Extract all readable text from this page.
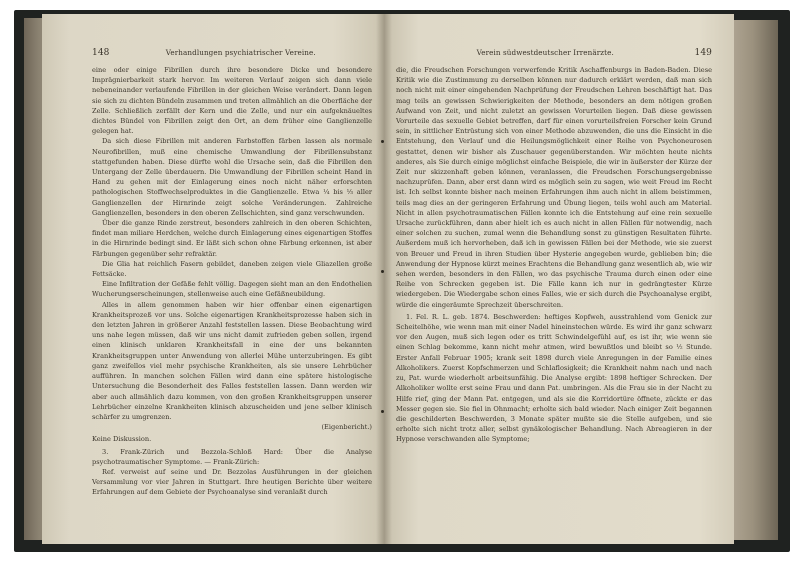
148	Verhandlungen psychiatrischer Vereine.

eine oder einige Fibrillen durch ihre besondere Dicke und besondere Imprägnierbarkeit stark hervor. Im weiteren Verlauf zeigen sich dann viele nebeneinander verlaufende Fibrillen in der gleichen Weise verändert. Dann legen sie sich zu dichten Bündeln zusammen und treten allmählich an die Oberfläche der Zelle. Schließlich zerfällt der Kern und die Zelle, und nur ein aufgeknäueltes dichtes Bündel von Fibrillen zeigt den Ort, an dem früher eine Ganglienzelle gelegen hat.

Da sich diese Fibrillen mit anderen Farbstoffen färben lassen als normale Neurofibrillen, muß eine chemische Umwandlung der Fibrillensubstanz stattgefunden haben. Diese dürfte wohl die Ursache sein, daß die Fibrillen den Untergang der Zelle überdauern. Die Umwandlung der Fibrillen scheint Hand in Hand zu gehen mit der Einlagerung eines noch nicht näher erforschten pathologischen Stoffwechselproduktes in die Ganglienzelle. Etwa ¼ bis ⅓ aller Ganglienzellen der Hirnrinde zeigt solche Veränderungen. Zahlreiche Ganglienzellen, besonders in den oberen Zellschichten, sind ganz verschwunden.

Über die ganze Rinde zerstreut, besonders zahlreich in den oberen Schichten, findet man miliare Herdchen, welche durch Einlagerung eines eigenartigen Stoffes in die Hirnrinde bedingt sind. Er läßt sich schon ohne Färbung erkennen, ist aber Färbungen gegenüber sehr refraktär.

Die Glia hat reichlich Fasern gebildet, daneben zeigen viele Gliazellen große Fettsäcke.

Eine Infiltration der Gefäße fehlt völlig. Dagegen sieht man an den Endothelien Wucherungserscheinungen, stellenweise auch eine Gefäßneubildung.

Alles in allem genommen haben wir hier offenbar einen eigenartigen Krankheitsprozeß vor uns. Solche eigenartigen Krankheitsprozesse haben sich in den letzten Jahren in größerer Anzahl feststellen lassen. Diese Beobachtung wird uns nahe legen müssen, daß wir uns nicht damit zufrieden geben sollen, irgend einen klinisch unklaren Krankheitsfall in eine der uns bekannten Krankheitsgruppen unter Anwendung von allerlei Mühe unterzubringen. Es gibt ganz zweifellos viel mehr psychische Krankheiten, als sie unsere Lehrbücher aufführen. In manchen solchen Fällen wird dann eine spätere histologische Untersuchung die Besonderheit des Falles feststellen lassen. Dann werden wir aber auch allmählich dazu kommen, von den großen Krankheitsgruppen unserer Lehrbücher einzelne Krankheiten klinisch abzuscheiden und jene selber klinisch schärfer zu umgrenzen.

(Eigenbericht.)

Keine Diskussion.

3. Frank-Zürich und Bezzola-Schloß Hard: Über die Analyse psychotraumatischer Symptome. — Frank-Zürich:

Ref. verweist auf seine und Dr. Bezzolas Ausführungen in der gleichen Versammlung vor vier Jahren in Stuttgart. Ihre heutigen Berichte über weitere Erfahrungen auf dem Gebiete der Psychoanalyse sind veranlaßt durch

Verein südwestdeutscher Irrenärzte.	149

die, die Freudschen Forschungen verwerfende Kritik Aschaffenburgs in Baden-Baden. Diese Kritik wie die Zustimmung zu derselben können nur dadurch erklärt werden, daß man sich noch nicht mit einer eingehenden Nachprüfung der Freudschen Lehren beschäftigt hat. Das mag teils an gewissen Schwierigkeiten der Methode, besonders an dem nötigen großen Aufwand von Zeit, und nicht zuletzt an gewissen Vorurteilen liegen. Daß diese gewissen Vorurteile das sexuelle Gebiet betreffen, darf für einen vorurteilsfreien Forscher kein Grund sein, in sittlicher Entrüstung sich von einer Methode abzuwenden, die uns die Einsicht in die Entstehung, den Verlauf und die Heilungsmöglichkeit einer Reihe von Psychoneurosen gestattet, denen wir bisher als Zuschauer gegenüberstanden. Wir möchten heute nichts anderes, als Sie durch einige möglichst einfache Beispiele, die wir in äußerster der Kürze der Zeit nur skizzenhaft geben können, veranlassen, die Freudschen Forschungsergebnisse nachzuprüfen. Dann, aber erst dann wird es möglich sein zu sagen, wie weit Freud im Recht ist. Ich selbst konnte bisher nach meinen Erfahrungen ihm auch nicht in allem beistimmen, teils mag dies an der geringeren Erfahrung und Übung liegen, teils wohl auch am Material. Nicht in allen psychotraumatischen Fällen konnte ich die Entstehung auf eine rein sexuelle Ursache zurückführen, dann aber hielt ich es auch nicht in allen Fällen für notwendig, nach einer solchen zu suchen, zumal wenn die Behandlung sonst zu günstigen Resultaten führte. Außerdem muß ich hervorheben, daß ich in gewissen Fällen bei der Methode, wie sie zuerst von Breuer und Freud in ihren Studien über Hysterie angegeben wurde, geblieben bin; die Anwendung der Hypnose kürzt meines Erachtens die Behandlung ganz wesentlich ab, wie wir sehen werden, besonders in den Fällen, wo das psychische Trauma durch einen oder eine Reihe von Schrecken gegeben ist. Die Fälle kann ich nur in gedrängtester Kürze wiedergeben. Die Wiedergabe schon eines Falles, wie er sich durch die Psychoanalyse ergibt, würde die eingeräumte Sprechzeit überschreiten.

1. Fel. R. L. geb. 1874. Beschwerden: heftiges Kopfweh, ausstrahlend vom Genick zur Scheitelhöhe, wie wenn man mit einer Nadel hineinstechen würde. Es wird ihr ganz schwarz vor den Augen, muß sich legen oder es tritt Schwindelgefühl auf, es ist ihr, wie wenn sie einen Schlag bekomme, kann nicht mehr atmen, wird bewußtlos und bleibt so ½ Stunde. Erster Anfall Februar 1905; krank seit 1898 durch viele Anregungen in der Familie eines Alkoholikers. Zuerst Kopfschmerzen und Schlaflosigkeit; die Krankheit nahm nach und nach zu, Pat. wurde wiederholt arbeitsunfähig. Die Analyse ergibt: 1898 heftiger Schrecken. Der Alkoholiker wollte erst seine Frau und dann Pat. umbringen. Als die Frau sie in der Nacht zu Hilfe rief, ging der Mann Pat. entgegen, und als sie die Korridortüre öffnete, zückte er das Messer gegen sie. Sie fiel in Ohnmacht; erholte sich bald wieder. Nach einiger Zeit begannen die geschilderten Beschwerden, 3 Monate später mußte sie die Stelle aufgeben, und sie erholte sich nicht trotz aller, selbst gynäkologischer Behandlung. Nach Abreagieren in der Hypnose verschwanden alle Symptome;
